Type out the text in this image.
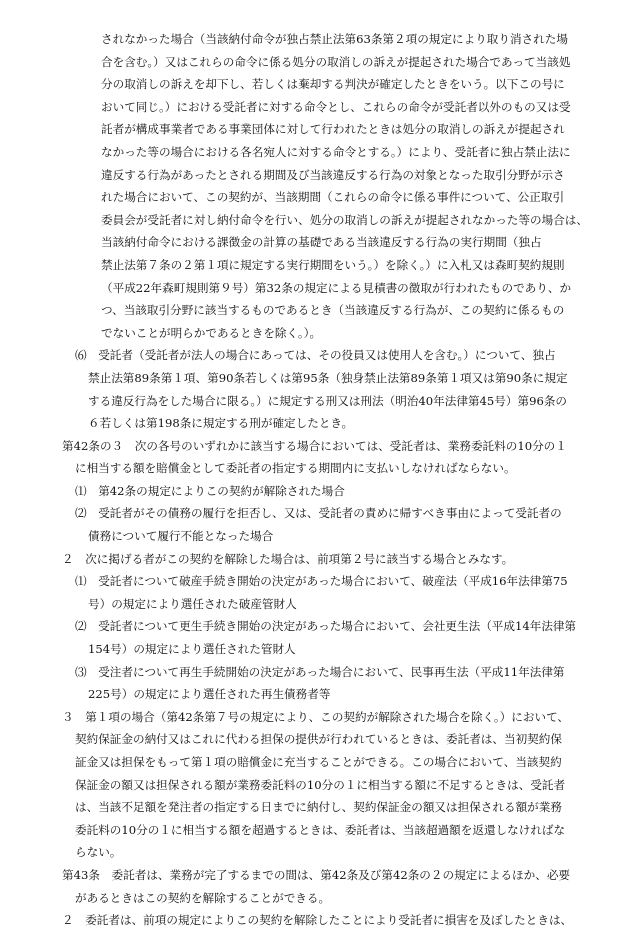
されなかった場合（当該納付命令が独占禁止法第63条第２項の規定により取り消された場
合を含む。）又はこれらの命令に係る処分の取消しの訴えが提起された場合であって当該処
分の取消しの訴えを却下し、若しくは棄却する判決が確定したときをいう。以下この号に
おいて同じ。）における受託者に対する命令とし、これらの命令が受託者以外のもの又は受
託者が構成事業者である事業団体に対して行われたときは処分の取消しの訴えが提起され
なかった等の場合における各名宛人に対する命令とする。）により、受託者に独占禁止法に
違反する行為があったとされる期間及び当該違反する行為の対象となった取引分野が示さ
れた場合において、この契約が、当該期間（これらの命令に係る事件について、公正取引
委員会が受託者に対し納付命令を行い、処分の取消しの訴えが提起されなかった等の場合は、
当該納付命令における課徴金の計算の基礎である当該違反する行為の実行期間（独占
禁止法第７条の２第１項に規定する実行期間をいう。）を除く。）に入札又は森町契約規則
（平成22年森町規則第９号）第32条の規定による見積書の徴取が行われたものであり、か
つ、当該取引分野に該当するものであるとき（当該違反する行為が、この契約に係るもの
でないことが明らかであるときを除く。）。
⑹　受託者（受託者が法人の場合にあっては、その役員又は使用人を含む。）について、独占
禁止法第89条第１項、第90条若しくは第95条（独身禁止法第89条第１項又は第90条に規定
する違反行為をした場合に限る。）に規定する刑又は刑法（明治40年法律第45号）第96条の
６若しくは第198条に規定する刑が確定したとき。
第42条の３　次の各号のいずれかに該当する場合においては、受託者は、業務委託料の10分の１
に相当する額を賠償金として委託者の指定する期間内に支払いしなければならない。
⑴　第42条の規定によりこの契約が解除された場合
⑵　受託者がその債務の履行を拒否し、又は、受託者の責めに帰すべき事由によって受託者の
債務について履行不能となった場合
２　次に掲げる者がこの契約を解除した場合は、前項第２号に該当する場合とみなす。
⑴　受託者について破産手続き開始の決定があった場合において、破産法（平成16年法律第75
号）の規定により選任された破産管財人
⑵　受託者について更生手続き開始の決定があった場合において、会社更生法（平成14年法律第
154号）の規定により選任された管財人
⑶　受注者について再生手続開始の決定があった場合において、民事再生法（平成11年法律第
225号）の規定により選任された再生債務者等
３　第１項の場合（第42条第７号の規定により、この契約が解除された場合を除く。）において、
契約保証金の納付又はこれに代わる担保の提供が行われているときは、委託者は、当初契約保
証金又は担保をもって第１項の賠償金に充当することができる。この場合において、当該契約
保証金の額又は担保される額が業務委託料の10分の１に相当する額に不足するときは、受託者
は、当該不足額を発注者の指定する日までに納付し、契約保証金の額又は担保される額が業務
委託料の10分の１に相当する額を超過するときは、委託者は、当該超過額を返還しなければな
らない。
第43条　委託者は、業務が完了するまでの間は、第42条及び第42条の２の規定によるほか、必要
があるときはこの契約を解除することができる。
２　委託者は、前項の規定によりこの契約を解除したことにより受託者に損害を及ぼしたときは、
